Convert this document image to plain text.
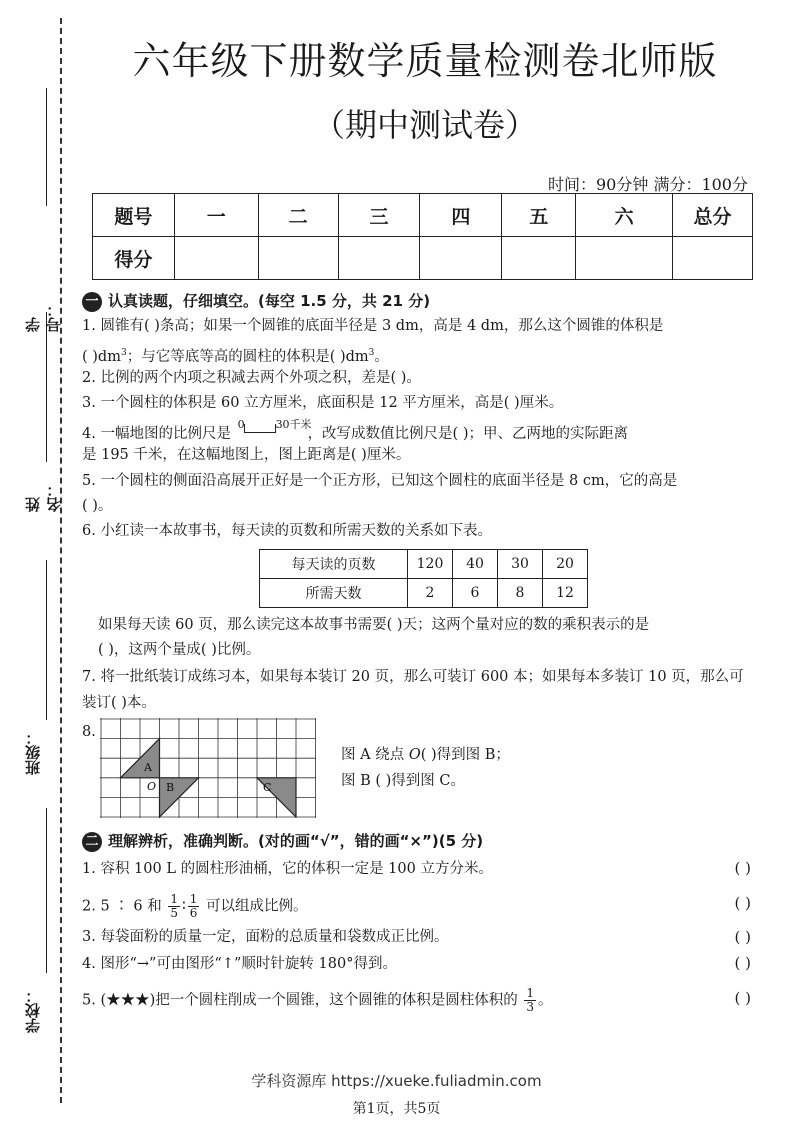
学号：
姓名：
班级：
学校：
六年级下册数学质量检测卷北师版
（期中测试卷）
时间：90分钟 满分：100分
题号	一	二	三	四	五	六	总分
得分							
一 认真读题，仔细填空。(每空 1.5 分，共 21 分)
1. 圆锥有( )条高；如果一个圆锥的底面半径是 3 dm，高是 4 dm，那么这个圆锥的体积是
( )$dm^3$；与它等底等高的圆柱的体积是( )$dm^3$。
2. 比例的两个内项之积减去两个外项之积，差是( )。
3. 一个圆柱的体积是 60 立方厘米，底面积是 12 平方厘米，高是( )厘米。
4. 一幅地图的比例尺是
0	30 千米
，改写成数值比例尺是( )；甲、乙两地的实际距离
是 195 千米，在这幅地图上，图上距离是( )厘米。
5. 一个圆柱的侧面沿高展开正好是一个正方形，已知这个圆柱的底面半径是 8 cm，它的高是
( )。
6. 小红读一本故事书，每天读的页数和所需天数的关系如下表。
每天读的页数	120	40	30	20
所需天数	2	6	8	12
如果每天读 60 页，那么读完这本故事书需要( )天；这两个量对应的数的乘积表示的是
( )，这两个量成( )比例。
7. 将一批纸装订成练习本，如果每本装订 20 页，那么可装订 600 本；如果每本多装订 10 页，那么可
装订( )本。
8.
A
O B	C
图 A 绕点 O( )得到图 B；
图 B ( )得到图 C。
二 理解辨析，准确判断。(对的画“√”，错的画“×”)(5 分)
1. 容积 100 L 的圆柱形油桶，它的体积一定是 100 立方分米。	( )
2. 5 ∶ 6 和 $\frac{1}{5}$ ∶ $\frac{1}{6}$ 可以组成比例。	( )
3. 每袋面粉的质量一定，面粉的总质量和袋数成正比例。	( )
4. 图形“→”可由图形“↑”顺时针旋转 180°得到。	( )
5. (★★★)把一个圆柱削成一个圆锥，这个圆锥的体积是圆柱体积的 $\frac{1}{3}$ 。	( )
学科资源库 https://xueke.fuliadmin.com
第1页，共5页
